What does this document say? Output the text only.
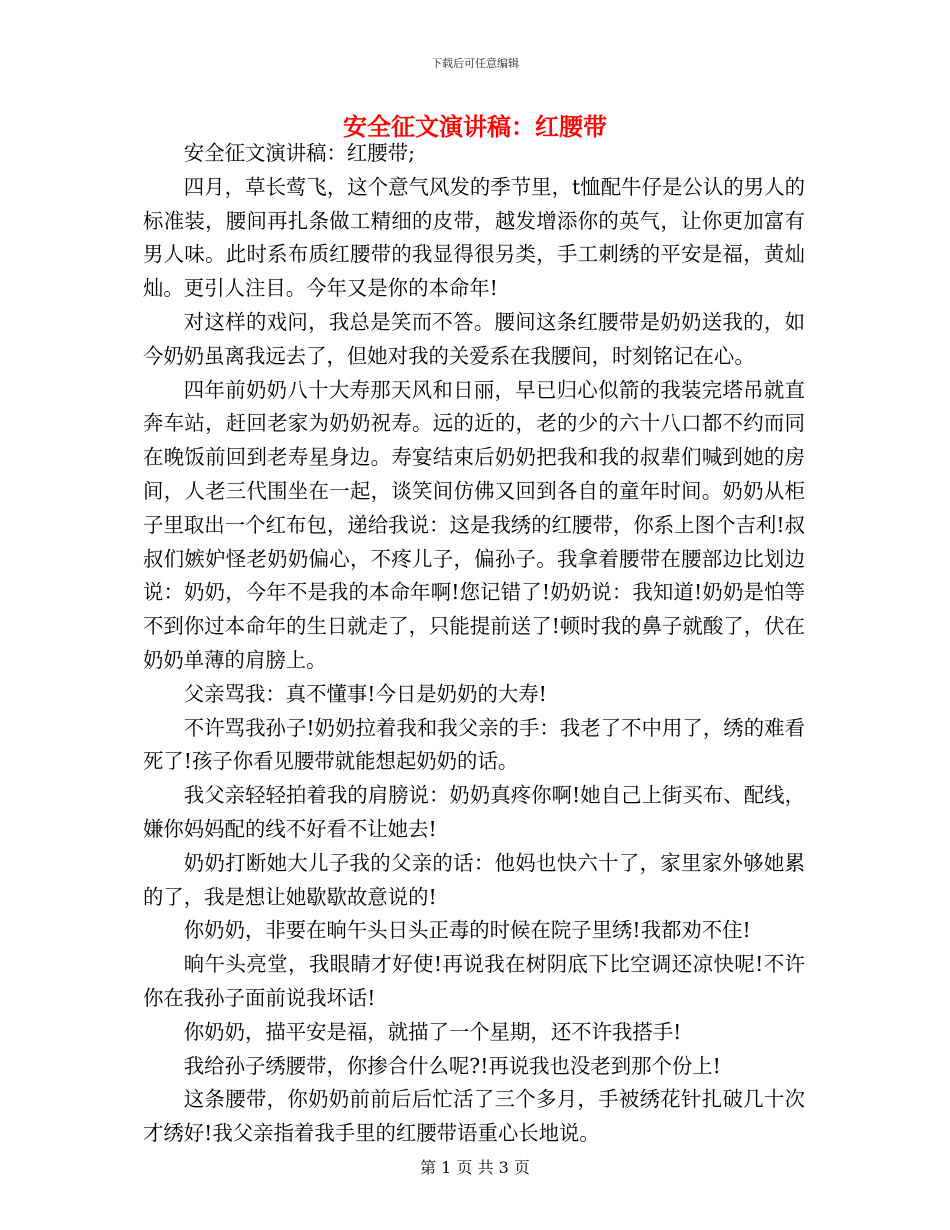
下载后可任意编辑
安全征文演讲稿：红腰带

安全征文演讲稿：红腰带;

四月，草长莺飞，这个意气风发的季节里，t恤配牛仔是公认的男人的标准装，腰间再扎条做工精细的皮带，越发增添你的英气，让你更加富有男人味。此时系布质红腰带的我显得很另类，手工刺绣的平安是福，黄灿灿。更引人注目。今年又是你的本命年!

对这样的戏问，我总是笑而不答。腰间这条红腰带是奶奶送我的，如今奶奶虽离我远去了，但她对我的关爱系在我腰间，时刻铭记在心。

四年前奶奶八十大寿那天风和日丽，早已归心似箭的我装完塔吊就直奔车站，赶回老家为奶奶祝寿。远的近的，老的少的六十八口都不约而同在晚饭前回到老寿星身边。寿宴结束后奶奶把我和我的叔辈们喊到她的房间，人老三代围坐在一起，谈笑间仿佛又回到各自的童年时间。奶奶从柜子里取出一个红布包，递给我说：这是我绣的红腰带，你系上图个吉利!叔叔们嫉妒怪老奶奶偏心，不疼儿子，偏孙子。我拿着腰带在腰部边比划边说：奶奶，今年不是我的本命年啊!您记错了!奶奶说：我知道!奶奶是怕等不到你过本命年的生日就走了，只能提前送了!顿时我的鼻子就酸了，伏在奶奶单薄的肩膀上。

父亲骂我：真不懂事!今日是奶奶的大寿!

不许骂我孙子!奶奶拉着我和我父亲的手：我老了不中用了，绣的难看死了!孩子你看见腰带就能想起奶奶的话。

我父亲轻轻拍着我的肩膀说：奶奶真疼你啊!她自己上街买布、配线，嫌你妈妈配的线不好看不让她去!

奶奶打断她大儿子我的父亲的话：他妈也快六十了，家里家外够她累的了，我是想让她歇歇故意说的!

你奶奶，非要在晌午头日头正毒的时候在院子里绣!我都劝不住!

晌午头亮堂，我眼睛才好使!再说我在树阴底下比空调还凉快呢!不许你在我孙子面前说我坏话!

你奶奶，描平安是福，就描了一个星期，还不许我搭手!

我给孙子绣腰带，你掺合什么呢?!再说我也没老到那个份上!

这条腰带，你奶奶前前后后忙活了三个多月，手被绣花针扎破几十次才绣好!我父亲指着我手里的红腰带语重心长地说。

第 1 页 共 3 页
